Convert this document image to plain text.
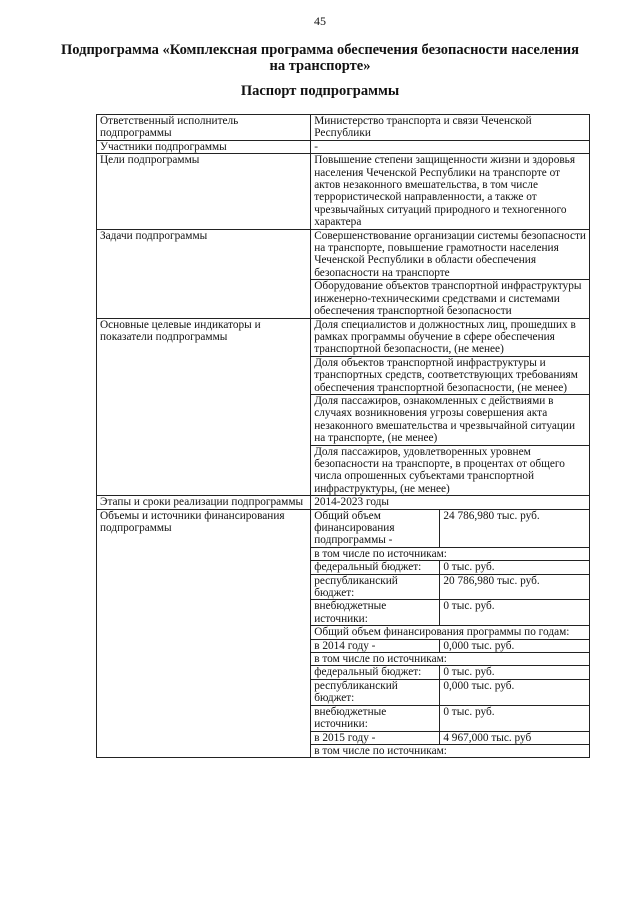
45
Подпрограмма «Комплексная программа обеспечения безопасности населения на транспорте»
Паспорт подпрограммы
Ответственный исполнитель подпрограммы	Министерство транспорта и связи Чеченской Республики	
Участники подпрограммы	-	
Цели подпрограммы	Повышение степени защищенности жизни и здоровья населения Чеченской Республики на транспорте от актов незаконного вмешательства, в том числе террористической направленности, а также от чрезвычайных ситуаций природного и техногенного характера	
Задачи подпрограммы	Совершенствование организации системы безопасности на транспорте, повышение грамотности населения Чеченской Республики в области обеспечения безопасности на транспорте	
	Оборудование объектов транспортной инфраструктуры инженерно-техническими средствами и системами обеспечения транспортной безопасности	
Основные целевые индикаторы и показатели подпрограммы	Доля специалистов и должностных лиц, прошедших в рамках программы обучение в сфере обеспечения транспортной безопасности, (не менее)	
	Доля объектов транспортной инфраструктуры и транспортных средств, соответствующих требованиям обеспечения транспортной безопасности, (не менее)	
	Доля пассажиров, ознакомленных с действиями в случаях возникновения угрозы совершения акта незаконного вмешательства и чрезвычайной ситуации на транспорте, (не менее)	
	Доля пассажиров, удовлетворенных уровнем безопасности на транспорте, в процентах от общего числа опрошенных субъектами транспортной инфраструктуры, (не менее)	
Этапы и сроки реализации подпрограммы	2014-2023 годы	
Объемы и источники финансирования подпрограммы	Общий объем финансирования подпрограммы -	24 786,980 тыс. руб.
	в том числе по источникам:	
	федеральный бюджет:	0 тыс. руб.
	республиканский бюджет:	20 786,980 тыс. руб.
	внебюджетные источники:	0 тыс. руб.
	Общий объем финансирования программы по годам:	
	в 2014 году -	0,000 тыс. руб.
	в том числе по источникам:	
	федеральный бюджет:	0 тыс. руб.
	республиканский бюджет:	0,000 тыс. руб.
	внебюджетные источники:	0 тыс. руб.
	в 2015 году -	4 967,000 тыс. руб
	в том числе по источникам:	
